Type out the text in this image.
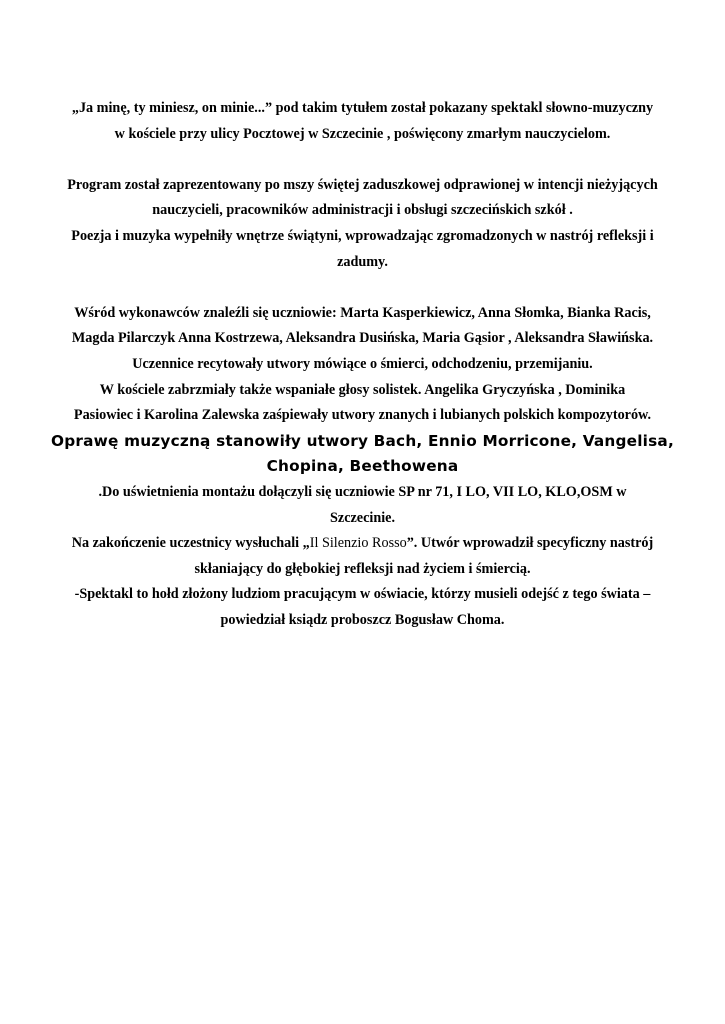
„Ja minę, ty miniesz, on minie...” pod takim tytułem został pokazany spektakl słowno-muzyczny

w kościele przy ulicy Pocztowej w Szczecinie , poświęcony zmarłym nauczycielom.

Program został zaprezentowany po mszy świętej zaduszkowej odprawionej w intencji nieżyjących

nauczycieli, pracowników administracji i obsługi szczecińskich szkół .

Poezja i muzyka wypełniły wnętrze świątyni, wprowadzając zgromadzonych w nastrój refleksji i

zadumy.

Wśród wykonawców znaleźli się uczniowie: Marta Kasperkiewicz, Anna Słomka, Bianka Racis,

Magda Pilarczyk Anna Kostrzewa, Aleksandra Dusińska, Maria Gąsior , Aleksandra Sławińska.

Uczennice recytowały utwory mówiące o śmierci, odchodzeniu, przemijaniu.

W kościele zabrzmiały także wspaniałe głosy solistek. Angelika Gryczyńska , Dominika

Pasiowiec i Karolina Zalewska zaśpiewały utwory znanych i lubianych polskich kompozytorów.

Oprawę muzyczną stanowiły utwory Bach, Ennio Morricone, Vangelisa,

Chopina, Beethowena

.Do uświetnienia montażu dołączyli się uczniowie SP nr 71, I LO, VII LO, KLO,OSM w

Szczecinie.

Na zakończenie uczestnicy wysłuchali „Il Silenzio Rosso”. Utwór wprowadził specyficzny nastrój

skłaniający do głębokiej refleksji nad życiem i śmiercią.

-Spektakl to hołd złożony ludziom pracującym w oświacie, którzy musieli odejść z tego świata –

powiedział ksiądz proboszcz Bogusław Choma.
